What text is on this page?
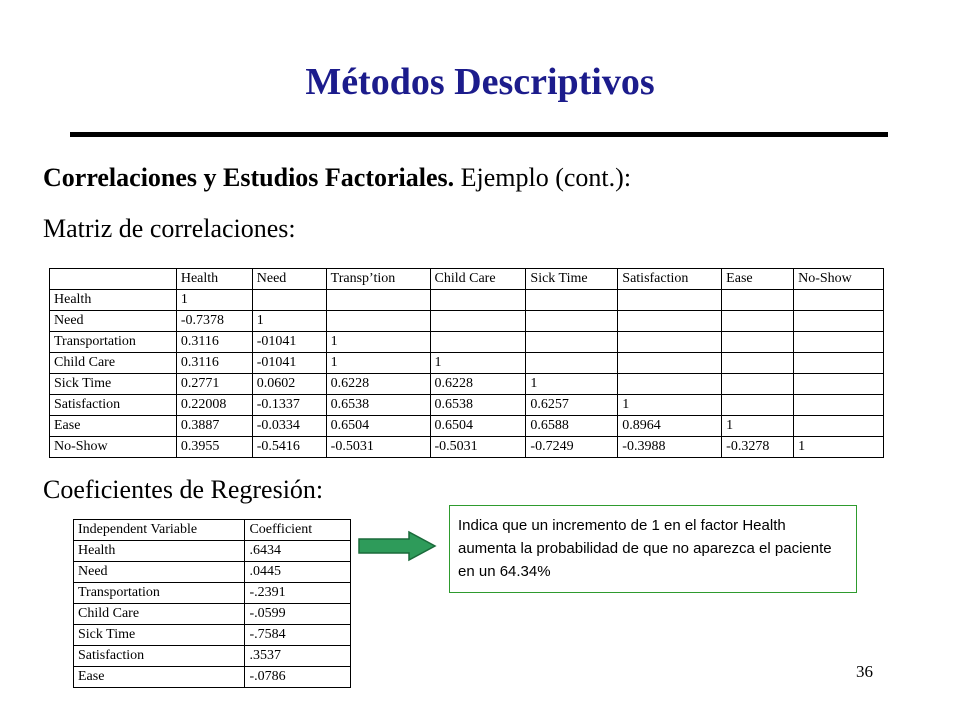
Métodos Descriptivos
Correlaciones y Estudios Factoriales. Ejemplo (cont.):
Matriz de correlaciones:
	Health	Need	Transp’tion	Child Care	Sick Time	Satisfaction	Ease	No-Show
Health	1							
Need	-0.7378	1						
Transportation	0.3116	-01041	1					
Child Care	0.3116	-01041	1	1				
Sick Time	0.2771	0.0602	0.6228	0.6228	1			
Satisfaction	0.22008	-0.1337	0.6538	0.6538	0.6257	1		
Ease	0.3887	-0.0334	0.6504	0.6504	0.6588	0.8964	1	
No-Show	0.3955	-0.5416	-0.5031	-0.5031	-0.7249	-0.3988	-0.3278	1
Coeficientes de Regresión:
Independent Variable	Coefficient
Health	.6434
Need	.0445
Transportation	-.2391
Child Care	-.0599
Sick Time	-.7584
Satisfaction	.3537
Ease	-.0786
Indica que un incremento de 1 en el factor Health aumenta la probabilidad de que no aparezca el paciente en un 64.34%
36
